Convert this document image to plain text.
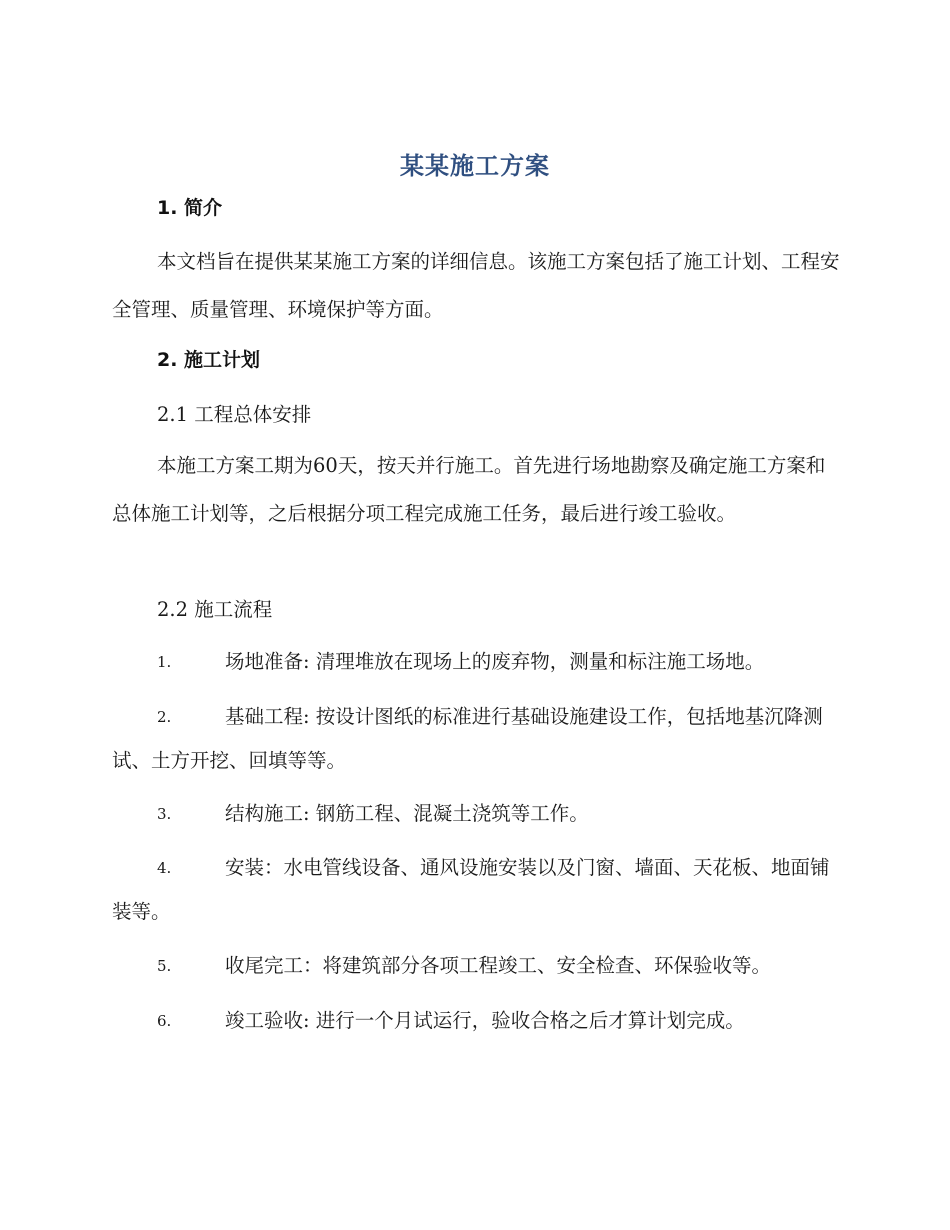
某某施工方案
1. 简介

本文档旨在提供某某施工方案的详细信息。该施工方案包括了施工计划、工程安全管理、质量管理、环境保护等方面。

2. 施工计划
2.1 工程总体安排

本施工方案工期为60天，按天并行施工。首先进行场地勘察及确定施工方案和总体施工计划等，之后根据分项工程完成施工任务，最后进行竣工验收。

2.2 施工流程
1.	场地准备: 清理堆放在现场上的废弃物，测量和标注施工场地。
2.	基础工程: 按设计图纸的标准进行基础设施建设工作，包括地基沉降测试、土方开挖、回填等等。
3.	结构施工: 钢筋工程、混凝土浇筑等工作。
4.	安装：水电管线设备、通风设施安装以及门窗、墙面、天花板、地面铺装等。
5.	收尾完工：将建筑部分各项工程竣工、安全检查、环保验收等。
6.	竣工验收: 进行一个月试运行，验收合格之后才算计划完成。
